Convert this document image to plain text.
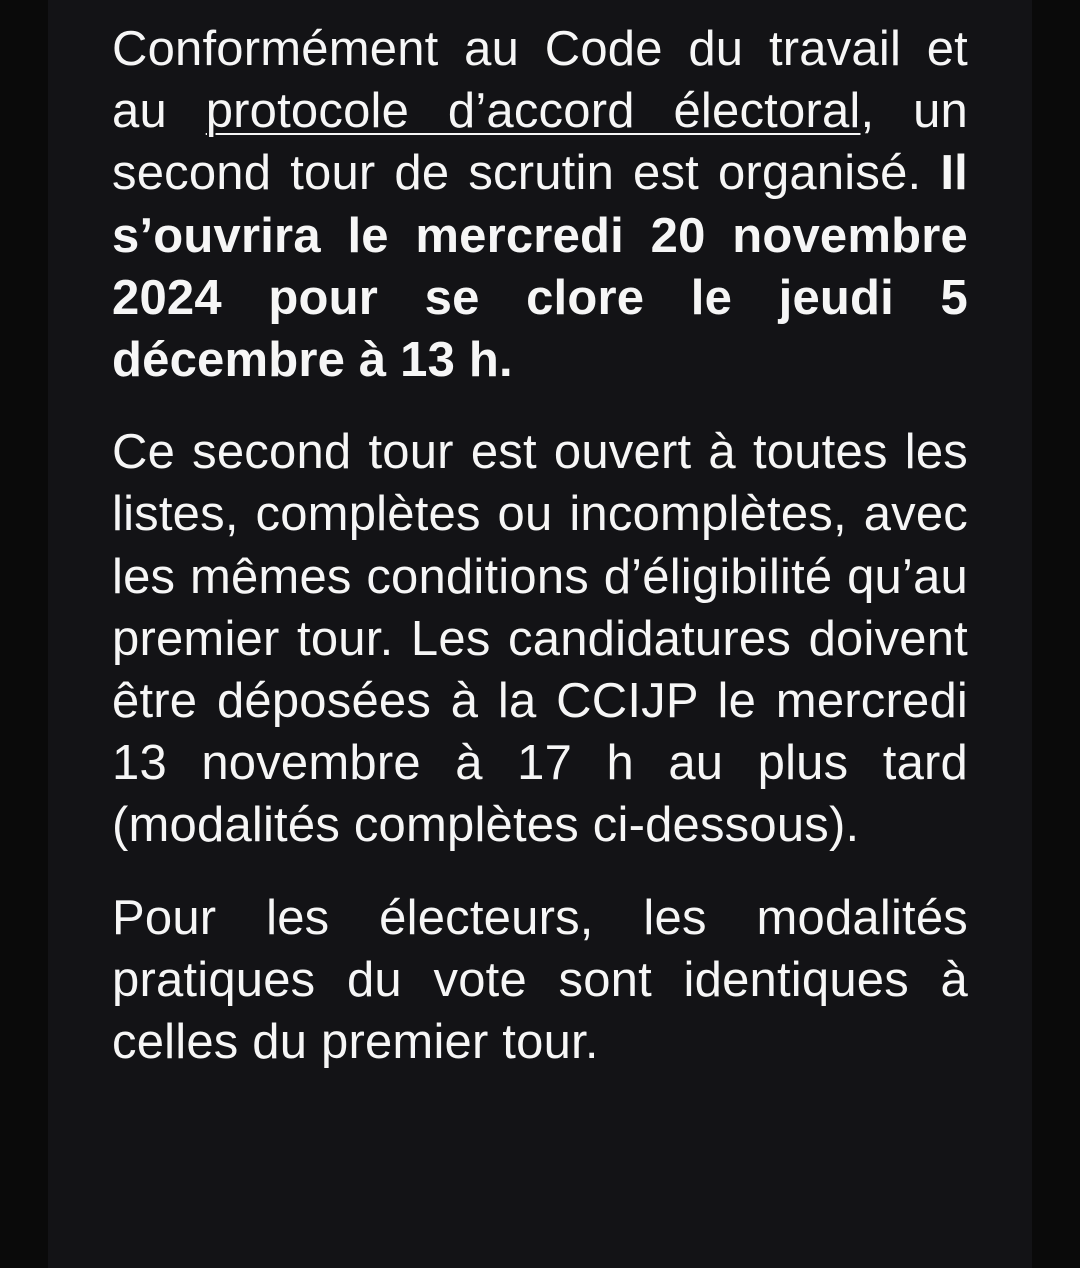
Conformément au Code du travail et au protocole d’accord électoral, un second tour de scrutin est organisé. Il s’ouvrira le mercredi 20 novembre 2024 pour se clore le jeudi 5 décembre à 13 h.

Ce second tour est ouvert à toutes les listes, complètes ou incomplètes, avec les mêmes conditions d’éligibilité qu’au premier tour. Les candidatures doivent être déposées à la CCIJP le mercredi 13 novembre à 17 h au plus tard (modalités complètes ci-dessous).

Pour les électeurs, les modalités pratiques du vote sont identiques à celles du premier tour.
